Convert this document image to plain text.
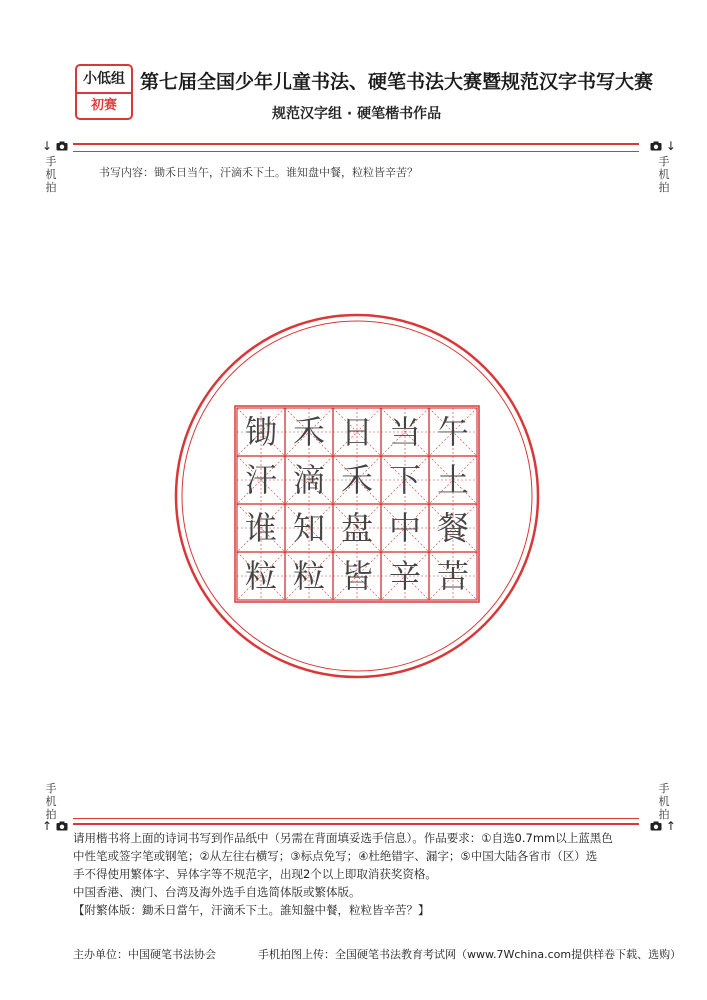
小低组
初赛
第七届全国少年儿童书法、硬笔书法大赛暨规范汉字书写大赛
规范汉字组 · 硬笔楷书作品
↓
手
机
拍
↓
手
机
拍
书写内容：锄禾日当午，汗滴禾下土。谁知盘中餐，粒粒皆辛苦？
锄 禾 日 当 午
汗 滴 禾 下 土
谁 知 盘 中 餐
粒 粒 皆 辛 苦
手
机
拍
↑
手
机
拍
↑

请用楷书将上面的诗词书写到作品纸中（另需在背面填妥选手信息）。作品要求：①自选0.7mm以上蓝黑色

中性笔或签字笔或钢笔；②从左往右横写；③标点免写；④杜绝错字、漏字；⑤中国大陆各省市（区）选

手不得使用繁体字、异体字等不规范字，出现2个以上即取消获奖资格。

中国香港、澳门、台湾及海外选手自选简体版或繁体版。

【附繁体版：鋤禾日當午，汗滴禾下土。誰知盤中餐，粒粒皆辛苦？】

主办单位：中国硬笔书法协会	手机拍图上传：全国硬笔书法教育考试网（www.7Wchina.com提供样卷下载、选购）
